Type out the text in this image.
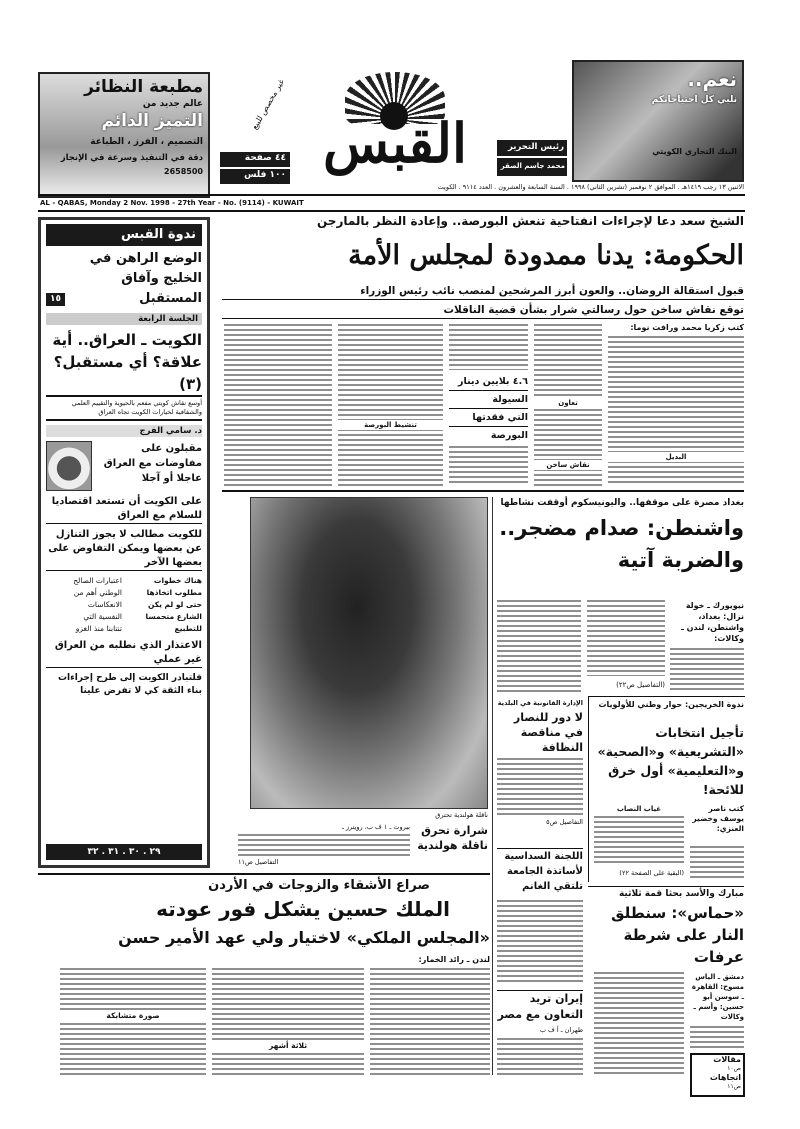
مطبعة النظائر
عالم جديد من
التميز الدائم
التصميم ، الفرز ، الطباعة
دقة في التنفيذ وسرعة في الإنجاز
2658500
غير مخصص للبيع
٤٤ صفحة
١٠٠ فلس القبس	رئيس التحرير
محمد جاسم الصقر
نعم..
نلبي كل احتياجاتكم
البنك التجاري الكويتي
الاثنين ١٣ رجب ١٤١٩هـ . الموافق ٢ نوفمبر (تشرين الثاني) ١٩٩٨ . السنة السابعة والعشرون . العدد ٩١١٤ . الكويت
AL - QABAS, Monday 2 Nov. 1998 - 27th Year - No. (9114) - KUWAIT
ندوة القبس
الوضع الراهن في الخليج وآفاق المستقبل
١٥
الجلسة الرابعة
الكويت ـ العراق.. أية علاقة؟ أي مستقبل؟ (٣)
أوسع نقاش كويتي مفعم بالحيوية والتقييم العلمي والشفافية لخيارات الكويت تجاه العراق
د. سامي الفرج
مقبلون على مفاوضات مع العراق عاجلا أو آجلا
على الكويت أن تستعد اقتصاديا للسلام مع العراق
للكويت مطالب لا يجوز التنازل عن بعضها ويمكن التفاوض على بعضها الآخر
هناك خطوات
مطلوب اتخاذها
حتى لو لم يكن
الشارع متحمسا
للتطبيع
اعتبارات الصالح
الوطني أهم من
الانعكاسات
النفسية التي
تنتابنا منذ الغزو
الاعتذار الذي نطلبه من العراق غير عملي
فلتبادر الكويت إلى طرح إجراءات بناء الثقة كي لا تفرض علينا
٢٩ . ٣٠ . ٣١ . ٣٢
الشيخ سعد دعا لإجراءات انفتاحية تنعش البورصة.. وإعادة النظر بالمارجن
الحكومة: يدنا ممدودة لمجلس الأمة
قبول استقالة الروضان.. والعون أبرز المرشحين لمنصب نائب رئيس الوزراء
توقع نقاش ساخن حول رسالتي شرار بشأن قضية الناقلات
كتب زكريا محمد ورافت نوما:
تعاون
البديل
نقاش ساخن
تنشيط البورصة
٤.٦ بلايين دينار
السيولة
التي فقدتها
البورصة
ناقلة هولندية تحترق
شرارة تحرق ناقلة هولندية
بيروت ـ ١ ف ب، رويترز ـ
التفاصيل ص١١
بغداد مصرة على موقفها.. واليونيسكوم أوقفت نشاطها
واشنطن: صدام مضجر.. والضربة آتية
نيويورك ـ خولة نزال: بغداد، واشنطن، لندن ـ وكالات:
(التفاصيل ص٢٢)
الإدارة القانونية في البلدية
لا دور للنصار في مناقصة النظافة
التفاصيل ص٥
اللجنة السداسية لأساتذة الجامعة تلتقي الغانم
ندوة الخريجين: حوار وطني للأولويات
تأجيل انتخابات «التشريعية» و«الصحية» و«التعليمية» أول خرق للائحة!
كتب ناصر يوسف وخضير العنزي:
غياب النصاب
(البقية على الصفحة ٢٢)
مبارك والأسد بحثا قمة ثلاثية
«حماس»: سنطلق النار على شرطة عرفات
دمشق ـ الياس مسوح: القاهرة ـ سوسن أبو حسين: وأسم ـ وكالات
مقالات
ص١٠
اتجاهات
ص١١
صراع الأشقاء والزوجات في الأردن
الملك حسين يشكل فور عودته
«المجلس الملكي» لاختيار ولي عهد الأمير حسن
لندن ـ رائد الخمار:
صورة متشابكة
ثلاثة أشهر
إيران تريد التعاون مع مصر
طهران ـ أ ف ب
